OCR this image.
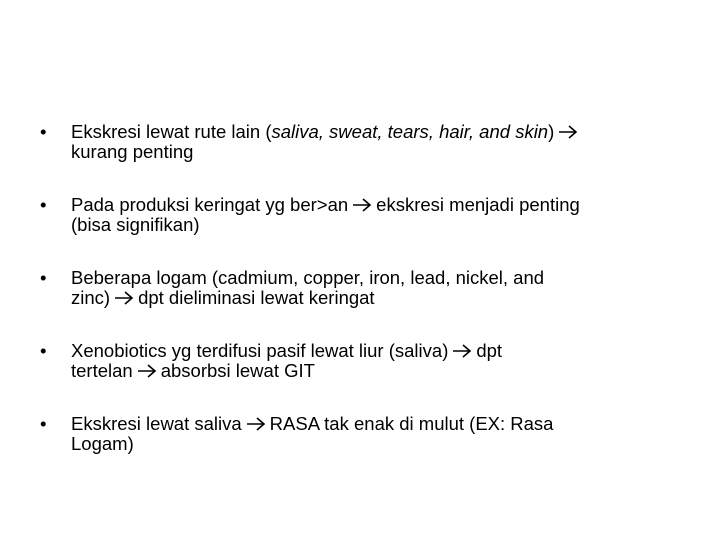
•	Ekskresi lewat rute lain (saliva, sweat, tears, hair, and skin)
kurang penting
•	Pada produksi keringat yg ber>an ekskresi menjadi penting
(bisa signifikan)
•	Beberapa logam (cadmium, copper, iron, lead, nickel, and
zinc) dpt dieliminasi lewat keringat
•	Xenobiotics yg terdifusi pasif lewat liur (saliva) dpt
tertelan absorbsi lewat GIT
•	Ekskresi lewat saliva RASA tak enak di mulut (EX: Rasa
Logam)
